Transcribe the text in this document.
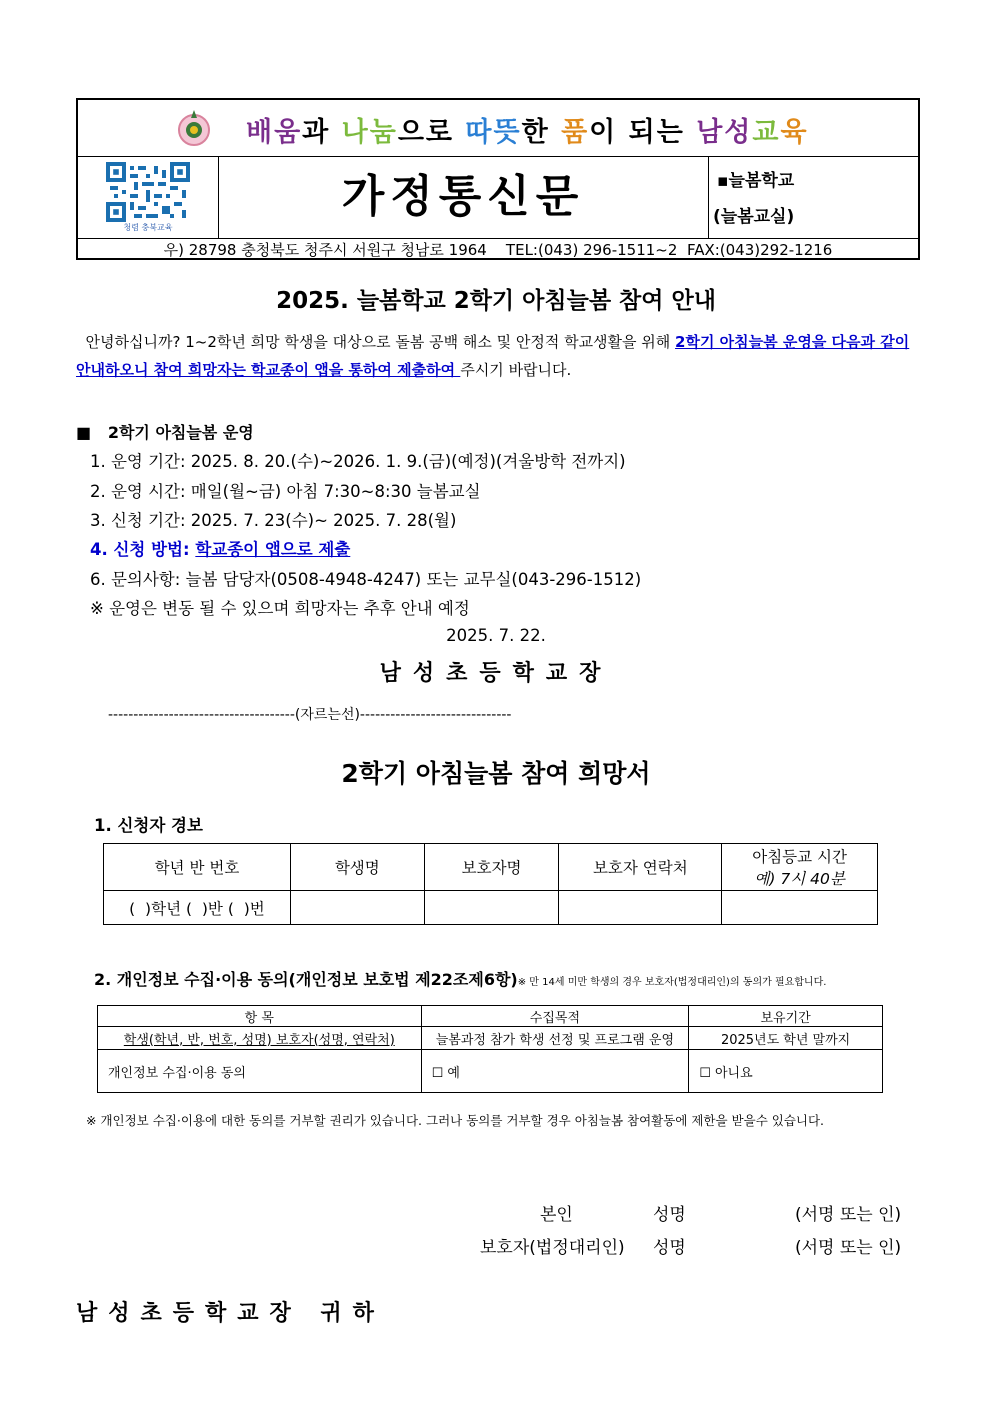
배움과 나눔으로 따뜻한 품이 되는 남성교육
청렴 충북교육
가정통신문	▪늘봄학교
(늘봄교실)
우) 28798 충청북도 청주시 서원구 청남로 1964    TEL:(043) 296-1511~2  FAX:(043)292-1216
2025. 늘봄학교 2학기 아침늘봄 참여 안내
안녕하십니까? 1~2학년 희망 학생을 대상으로 돌봄 공백 해소 및 안정적 학교생활을 위해 2학기 아침늘봄 운영을 다음과 같이 안내하오니 참여 희망자는 학교종이 앱을 통하여 제출하여 주시기 바랍니다.
■   2학기 아침늘봄 운영
1. 운영 기간: 2025. 8. 20.(수)~2026. 1. 9.(금)(예정)(겨울방학 전까지)
2. 운영 시간: 매일(월~금) 아침 7:30~8:30 늘봄교실
3. 신청 기간: 2025. 7. 23(수)~ 2025. 7. 28(월)
4. 신청 방법: 학교종이 앱으로 제출
6. 문의사항: 늘봄 담당자(0508-4948-4247) 또는 교무실(043-296-1512)
※ 운영은 변동 될 수 있으며 희망자는 추후 안내 예정
2025. 7. 22.
남성초등학교장
-------------------------------------(자르는선)------------------------------
2학기 아침늘봄 참여 희망서
1. 신청자 경보
학년 반 번호	학생명	보호자명	보호자 연락처	아침등교 시간
예) 7시 40분

(  )학년 (  )반 (  )번				
2. 개인정보 수집·이용 동의(개인정보 보호법 제22조제6항)※ 만 14세 미만 학생의 경우 보호자(법정대리인)의 동의가 필요합니다.
항 목	수집목적	보유기간
학생(학년, 반, 번호, 성명) 보호자(성명, 연락처)	늘봄과정 참가 학생 선정 및 프로그램 운영	2025년도 학년 말까지
개인정보 수집·이용 동의	☐ 예	☐ 아니요
※ 개인정보 수집·이용에 대한 동의를 거부할 권리가 있습니다. 그러나 동의를 거부할 경우 아침늘봄 참여활동에 제한을 받을수 있습니다.
본인	성명	(서명 또는 인)
보호자(법정대리인) 성명	(서명 또는 인)
남성초등학교장 귀하
